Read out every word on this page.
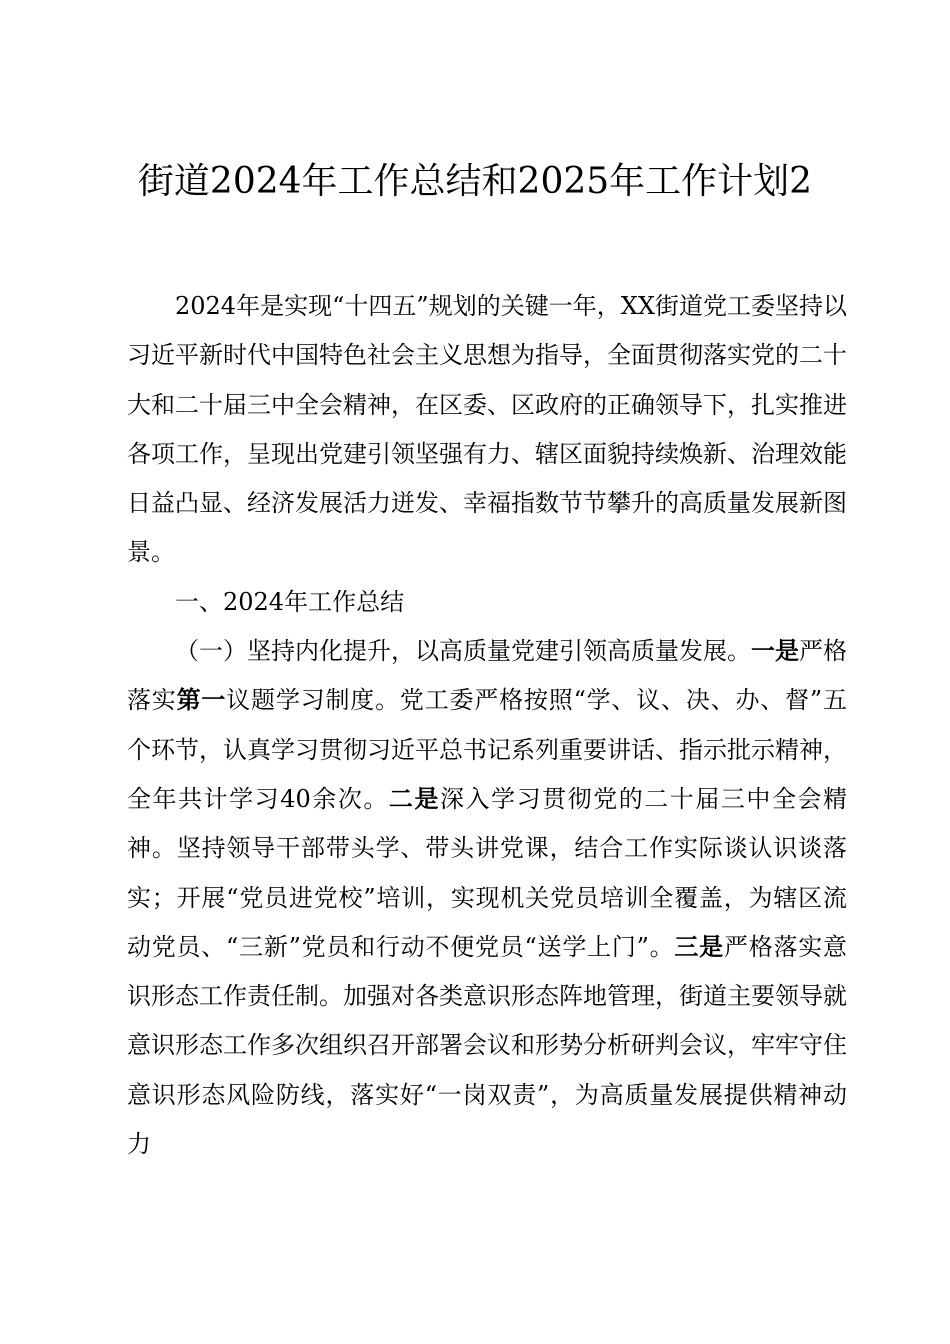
街道2024年工作总结和2025年工作计划2

2024年是实现“十四五”规划的关键一年，XX街道党工委坚持以习近平新时代中国特色社会主义思想为指导，全面贯彻落实党的二十大和二十届三中全会精神，在区委、区政府的正确领导下，扎实推进各项工作，呈现出党建引领坚强有力、辖区面貌持续焕新、治理效能日益凸显、经济发展活力迸发、幸福指数节节攀升的高质量发展新图景。

一、2024年工作总结

（一）坚持内化提升，以高质量党建引领高质量发展。一是严格落实第一议题学习制度。党工委严格按照“学、议、决、办、督”五个环节，认真学习贯彻习近平总书记系列重要讲话、指示批示精神，全年共计学习40余次。二是深入学习贯彻党的二十届三中全会精神。坚持领导干部带头学、带头讲党课，结合工作实际谈认识谈落实；开展“党员进党校”培训，实现机关党员培训全覆盖，为辖区流动党员、“三新”党员和行动不便党员“送学上门”。三是严格落实意识形态工作责任制。加强对各类意识形态阵地管理，街道主要领导就意识形态工作多次组织召开部署会议和形势分析研判会议，牢牢守住意识形态风险防线，落实好“一岗双责”，为高质量发展提供精神动力
